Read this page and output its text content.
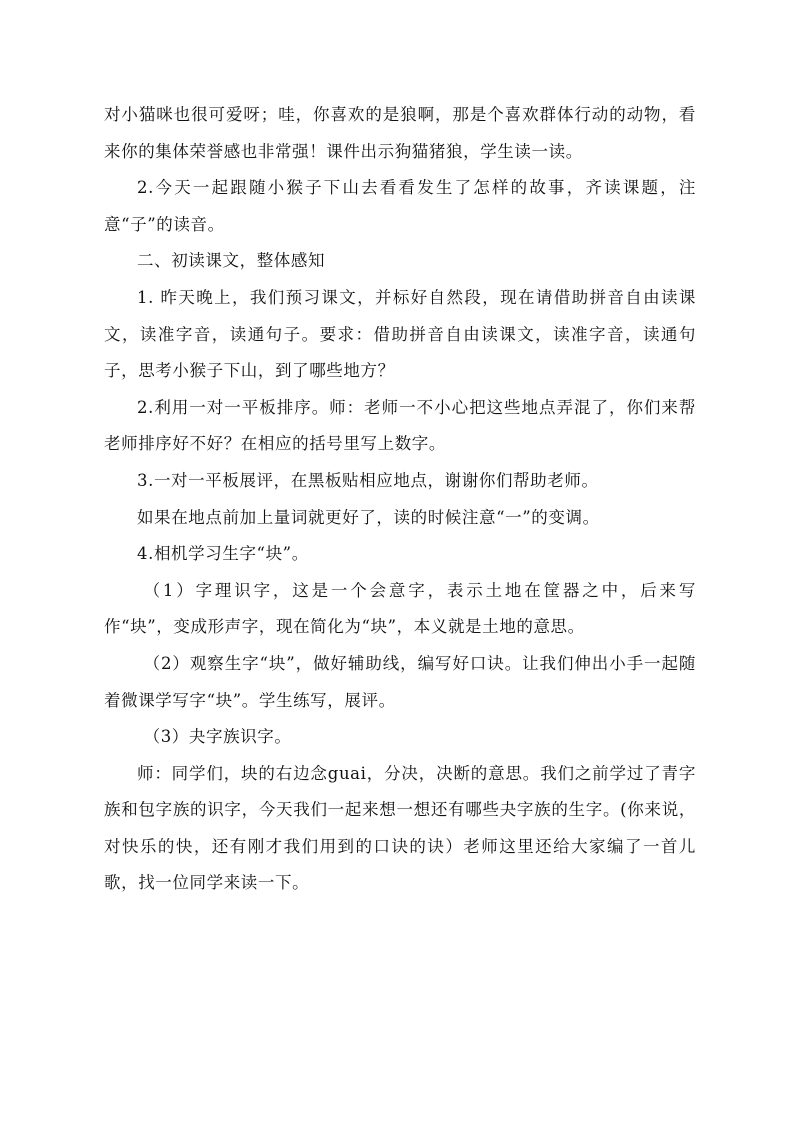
对小猫咪也很可爱呀；哇，你喜欢的是狼啊，那是个喜欢群体行动的动物，看来你的集体荣誉感也非常强！课件出示狗猫猪狼，学生读一读。

2.今天一起跟随小猴子下山去看看发生了怎样的故事，齐读课题，注意“子”的读音。

二、初读课文，整体感知

1. 昨天晚上，我们预习课文，并标好自然段，现在请借助拼音自由读课文，读准字音，读通句子。要求：借助拼音自由读课文，读准字音，读通句子，思考小猴子下山，到了哪些地方？

2.利用一对一平板排序。师：老师一不小心把这些地点弄混了，你们来帮老师排序好不好？在相应的括号里写上数字。

3.一对一平板展评，在黑板贴相应地点，谢谢你们帮助老师。

如果在地点前加上量词就更好了，读的时候注意“一”的变调。

4.相机学习生字“块”。

（1）字理识字，这是一个会意字，表示土地在筐器之中，后来写作“块”，变成形声字，现在简化为“块”，本义就是土地的意思。

（2）观察生字“块”，做好辅助线，编写好口诀。让我们伸出小手一起随着微课学写字“块”。学生练写，展评。

（3）夬字族识字。

师：同学们，块的右边念guai，分决，决断的意思。我们之前学过了青字族和包字族的识字，今天我们一起来想一想还有哪些夬字族的生字。(你来说，对快乐的快，还有刚才我们用到的口诀的诀）老师这里还给大家编了一首儿歌，找一位同学来读一下。
